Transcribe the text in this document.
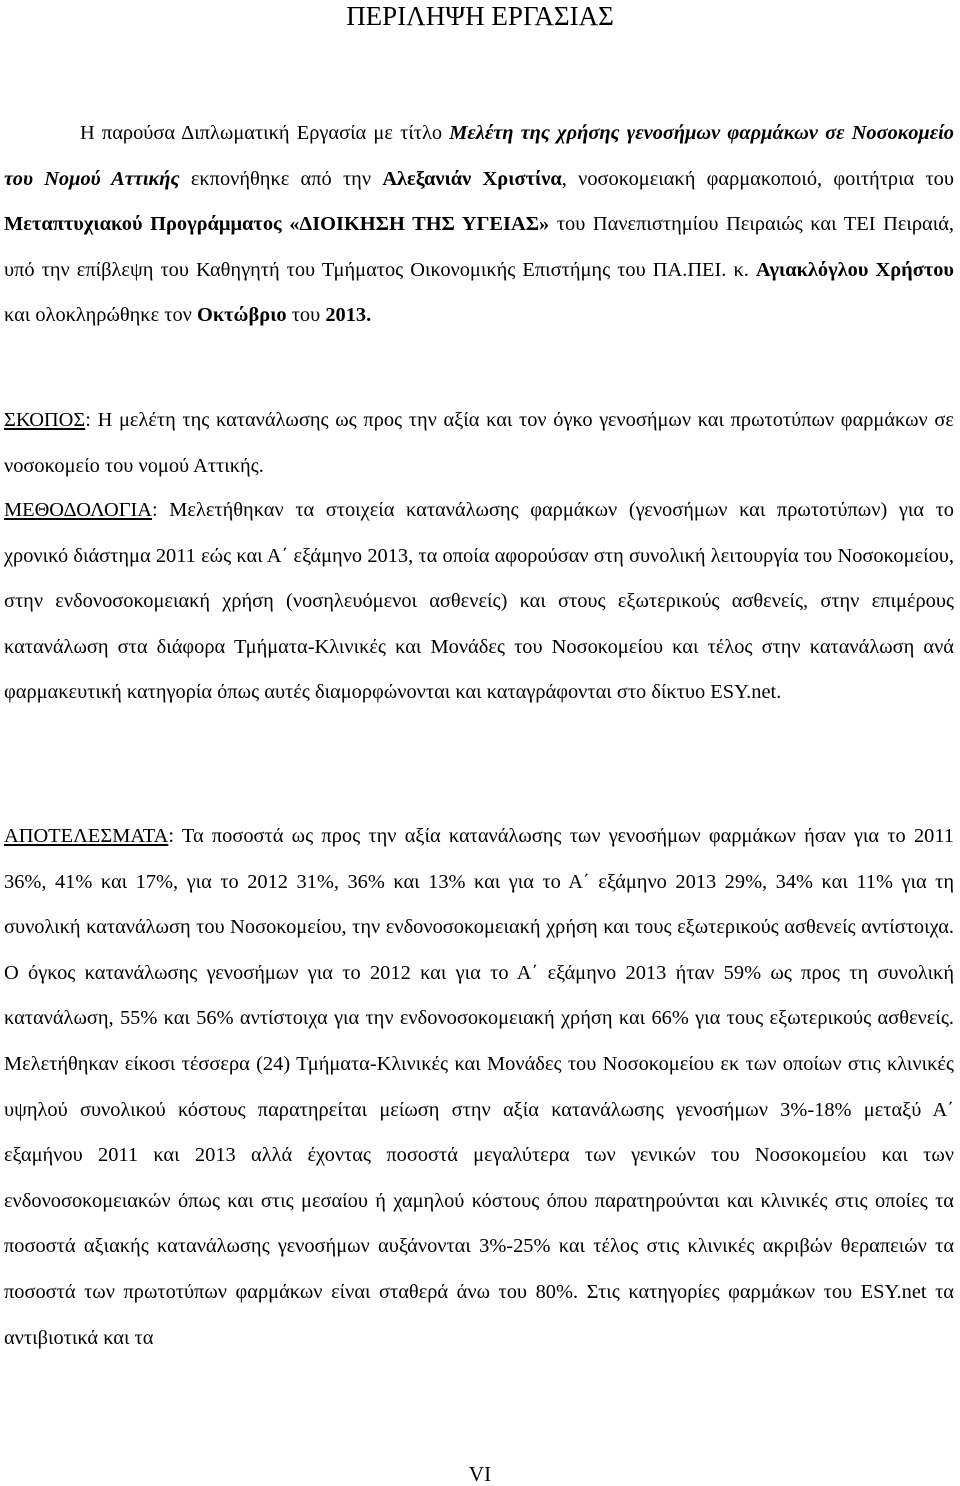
ΠΕΡΙΛΗΨΗ ΕΡΓΑΣΙΑΣ
Η παρούσα Διπλωματική Εργασία με τίτλο Μελέτη της χρήσης γενοσήμων φαρμάκων σε Νοσοκομείο του Νομού Αττικής εκπονήθηκε από την Αλεξανιάν Χριστίνα, νοσοκομειακή φαρμακοποιό, φοιτήτρια του Μεταπτυχιακού Προγράμματος «ΔΙΟΙΚΗΣΗ ΤΗΣ ΥΓΕΙΑΣ» του Πανεπιστημίου Πειραιώς και ΤΕΙ Πειραιά, υπό την επίβλεψη του Καθηγητή του Τμήματος Οικονομικής Επιστήμης του ΠΑ.ΠΕΙ. κ. Αγιακλόγλου Χρήστου και ολοκληρώθηκε τον Οκτώβριο του 2013.
ΣΚΟΠΟΣ: Η μελέτη της κατανάλωσης ως προς την αξία και τον όγκο γενοσήμων και πρωτοτύπων φαρμάκων σε νοσοκομείο του νομού Αττικής.
ΜΕΘΟΔΟΛΟΓΙΑ: Μελετήθηκαν τα στοιχεία κατανάλωσης φαρμάκων (γενοσήμων και πρωτοτύπων) για το χρονικό διάστημα 2011 εώς και Α΄ εξάμηνο 2013, τα οποία αφορούσαν στη συνολική λειτουργία του Νοσοκομείου, στην ενδονοσοκομειακή χρήση (νοσηλευόμενοι ασθενείς) και στους εξωτερικούς ασθενείς, στην επιμέρους κατανάλωση στα διάφορα Τμήματα-Κλινικές και Μονάδες του Νοσοκομείου και τέλος στην κατανάλωση ανά φαρμακευτική κατηγορία όπως αυτές διαμορφώνονται και καταγράφονται στο δίκτυο ESY.net.
ΑΠΟΤΕΛΕΣΜΑΤΑ: Τα ποσοστά ως προς την αξία κατανάλωσης των γενοσήμων φαρμάκων ήσαν για το 2011 36%, 41% και 17%, για το 2012 31%, 36% και 13% και για το Α΄ εξάμηνο 2013 29%, 34% και 11% για τη συνολική κατανάλωση του Νοσοκομείου, την ενδονοσοκομειακή χρήση και τους εξωτερικούς ασθενείς αντίστοιχα. Ο όγκος κατανάλωσης γενοσήμων για το 2012 και για το Α΄ εξάμηνο 2013 ήταν 59% ως προς τη συνολική κατανάλωση, 55% και 56% αντίστοιχα για την ενδονοσοκομειακή χρήση και 66% για τους εξωτερικούς ασθενείς. Μελετήθηκαν είκοσι τέσσερα (24) Τμήματα-Κλινικές και Μονάδες του Νοσοκομείου εκ των οποίων στις κλινικές υψηλού συνολικού κόστους παρατηρείται μείωση στην αξία κατανάλωσης γενοσήμων 3%-18% μεταξύ Α΄ εξαμήνου 2011 και 2013 αλλά έχοντας ποσοστά μεγαλύτερα των γενικών του Νοσοκομείου και των ενδονοσοκομειακών όπως και στις μεσαίου ή χαμηλού κόστους όπου παρατηρούνται και κλινικές στις οποίες τα ποσοστά αξιακής κατανάλωσης γενοσήμων αυξάνονται 3%-25% και τέλος στις κλινικές ακριβών θεραπειών τα ποσοστά των πρωτοτύπων φαρμάκων είναι σταθερά άνω του 80%. Στις κατηγορίες φαρμάκων του ESY.net τα αντιβιοτικά και τα
VI
